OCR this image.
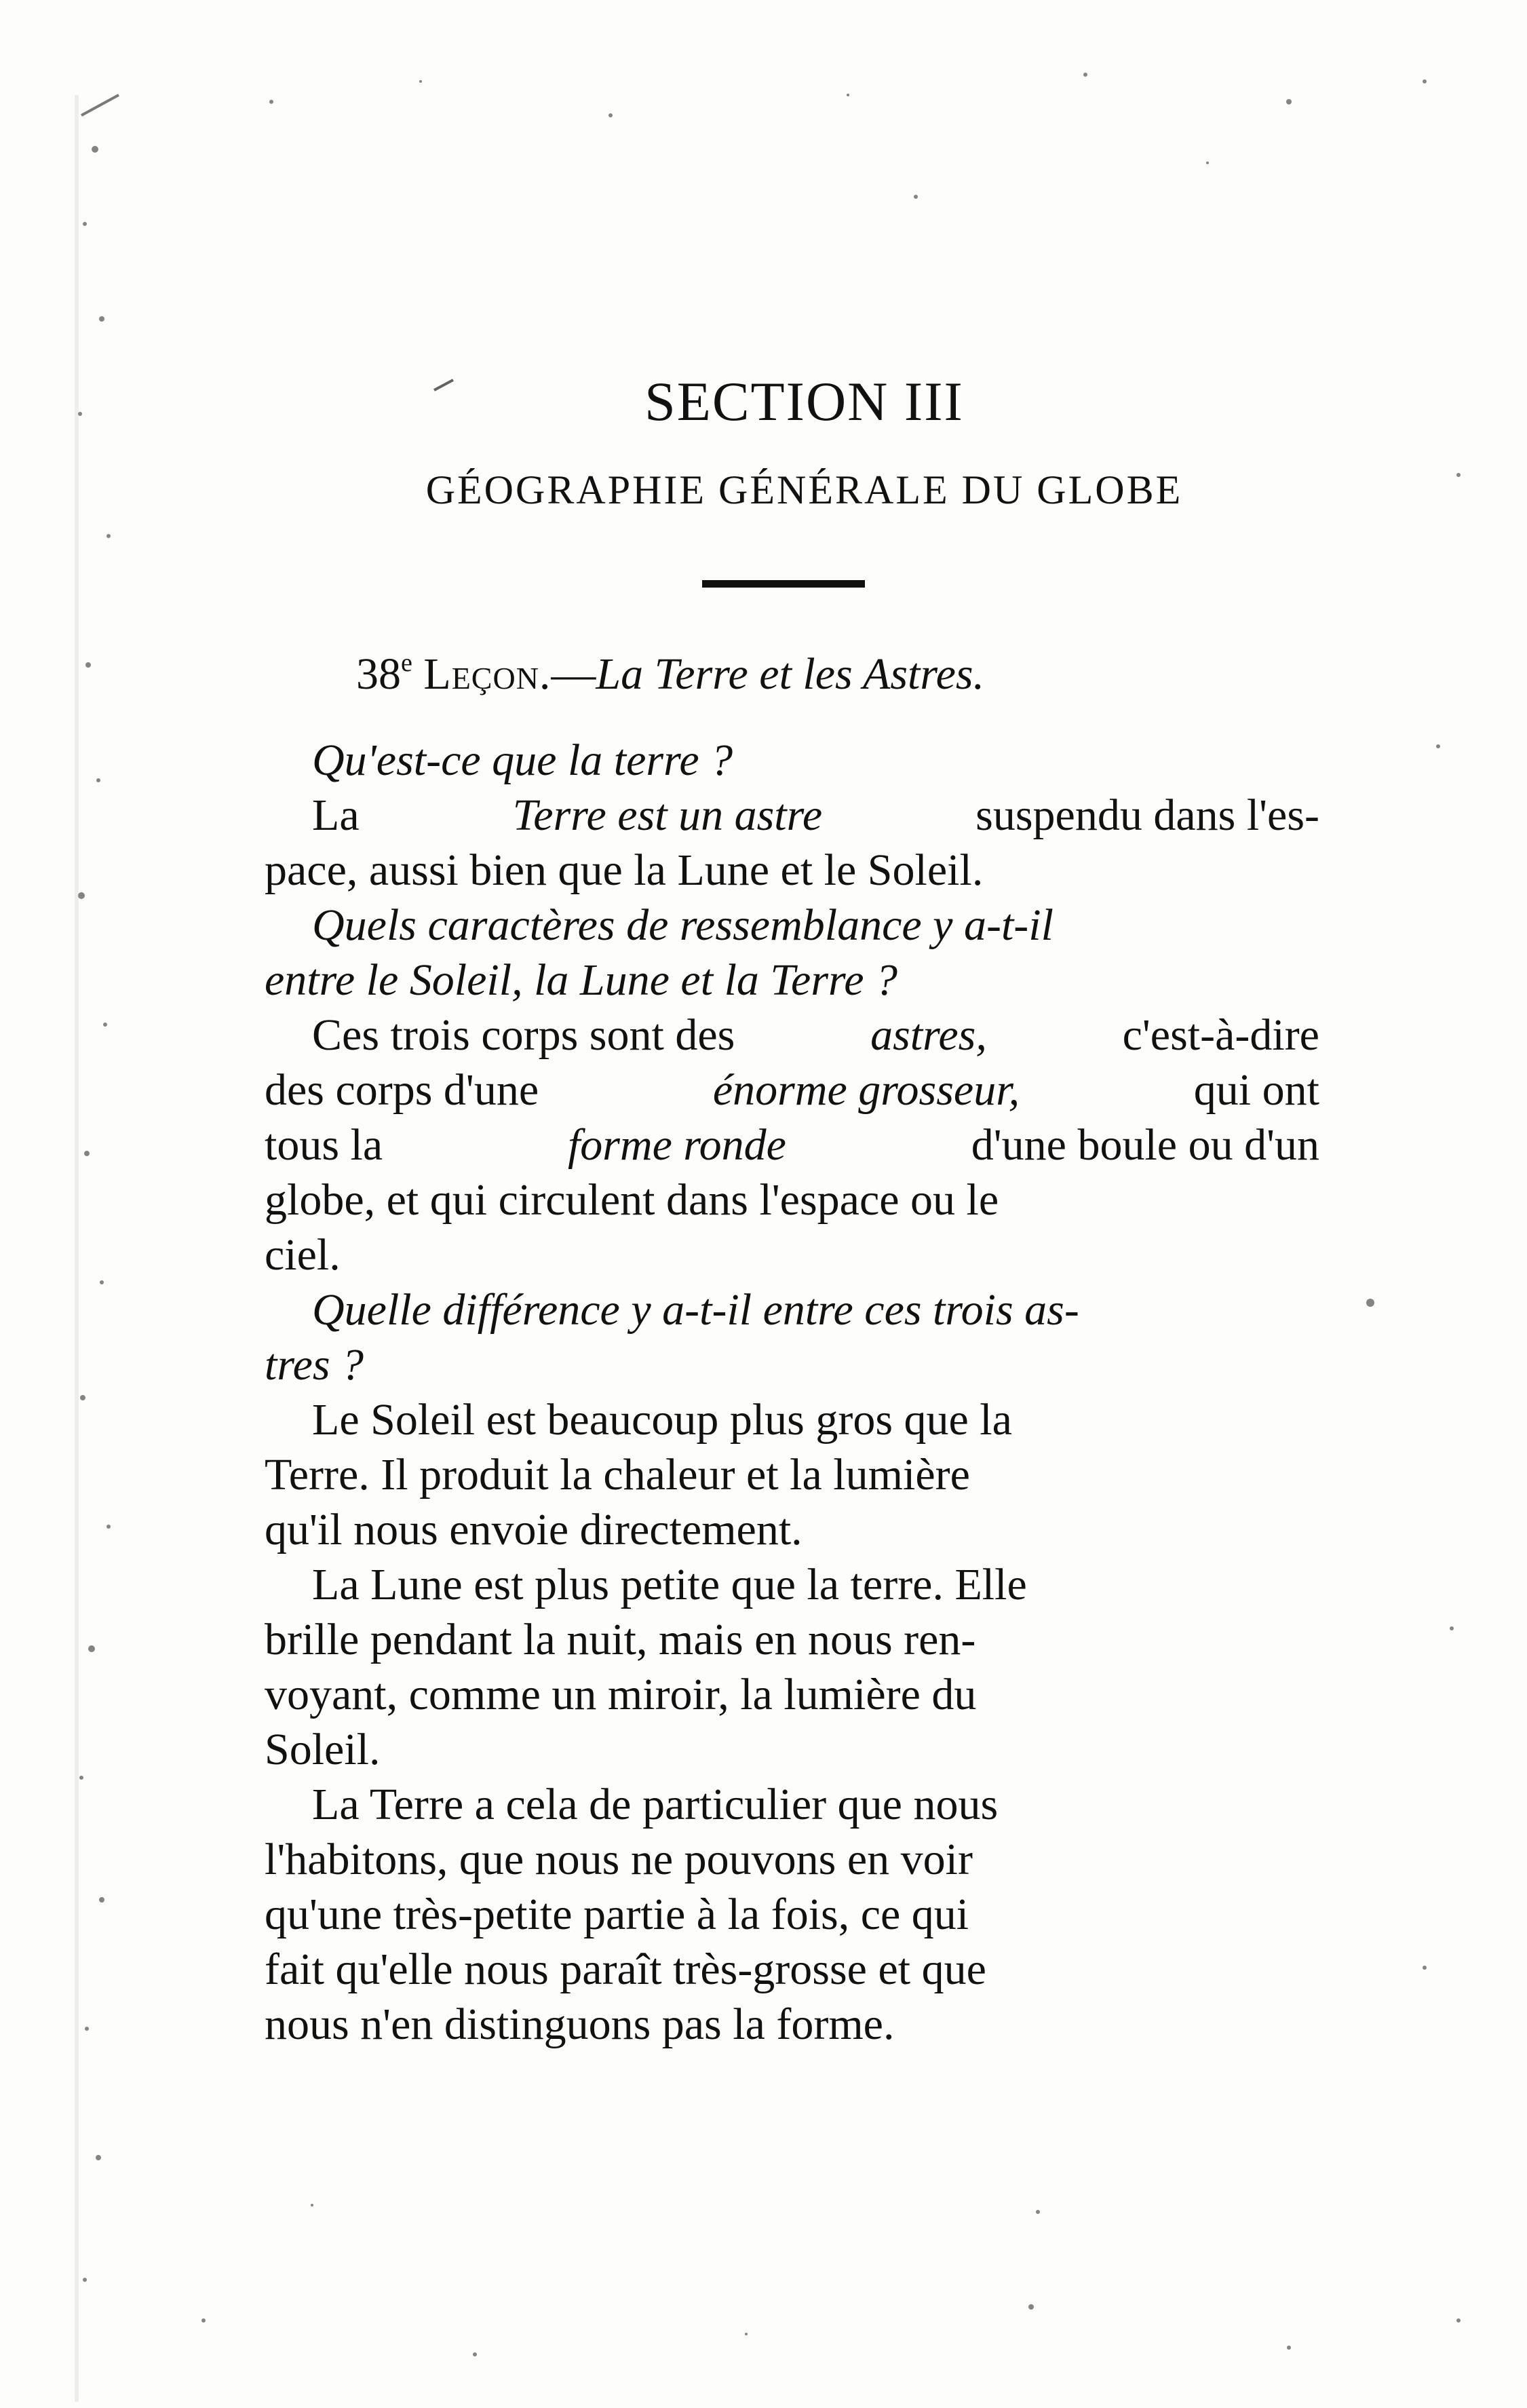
SECTION III
GÉOGRAPHIE GÉNÉRALE DU GLOBE
38e Leçon.—La Terre et les Astres.
Qu'est-ce que la terre ?
La	Terre est un astre	suspendu dans l'es-
pace, aussi bien que la Lune et le Soleil.
Quels caractères de ressemblance y a-t-il
entre le Soleil, la Lune et la Terre ?
Ces trois corps sont des	astres,	c'est-à-dire
des corps d'une	énorme grosseur,	qui ont
tous la	forme ronde	d'une boule ou d'un
globe, et qui circulent dans l'espace ou le
ciel.
Quelle différence y a-t-il entre ces trois as-
tres ?
Le Soleil est beaucoup plus gros que la
Terre. Il produit la chaleur et la lumière
qu'il nous envoie directement.
La Lune est plus petite que la terre. Elle
brille pendant la nuit, mais en nous ren-
voyant, comme un miroir, la lumière du
Soleil.
La Terre a cela de particulier que nous
l'habitons, que nous ne pouvons en voir
qu'une très-petite partie à la fois, ce qui
fait qu'elle nous paraît très-grosse et que
nous n'en distinguons pas la forme.
